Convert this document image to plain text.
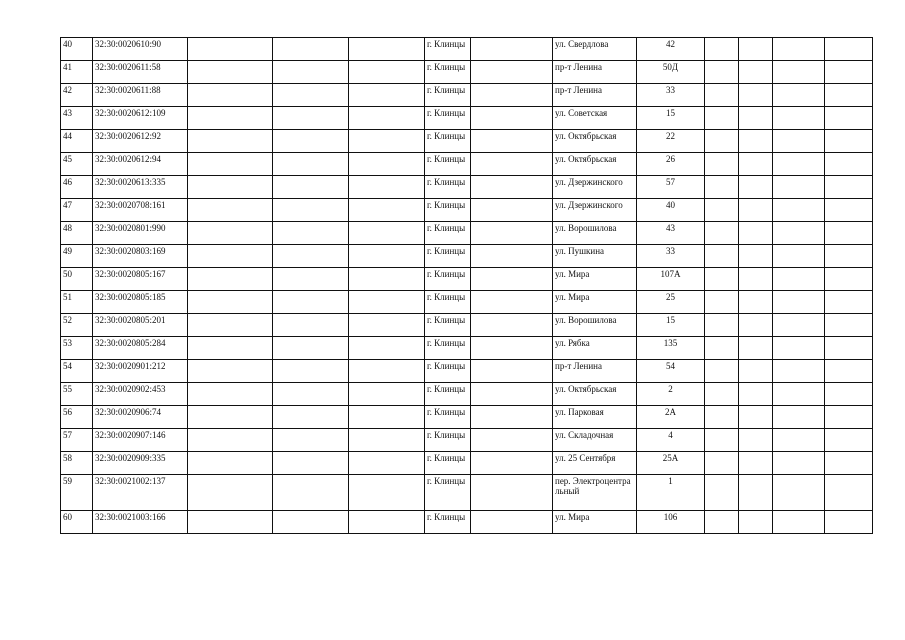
40	32:30:0020610:90				г. Клинцы		ул. Свердлова	42				
41	32:30:0020611:58				г. Клинцы		пр-т Ленина	50Д				
42	32:30:0020611:88				г. Клинцы		пр-т Ленина	33				
43	32:30:0020612:109				г. Клинцы		ул. Советская	15				
44	32:30:0020612:92				г. Клинцы		ул. Октябрьская	22				
45	32:30:0020612:94				г. Клинцы		ул. Октябрьская	26				
46	32:30:0020613:335				г. Клинцы		ул. Дзержинского	57				
47	32:30:0020708:161				г. Клинцы		ул. Дзержинского	40				
48	32:30:0020801:990				г. Клинцы		ул. Ворошилова	43				
49	32:30:0020803:169				г. Клинцы		ул. Пушкина	33				
50	32:30:0020805:167				г. Клинцы		ул. Мира	107А				
51	32:30:0020805:185				г. Клинцы		ул. Мира	25				
52	32:30:0020805:201				г. Клинцы		ул. Ворошилова	15				
53	32:30:0020805:284				г. Клинцы		ул. Рябка	135				
54	32:30:0020901:212				г. Клинцы		пр-т Ленина	54				
55	32:30:0020902:453				г. Клинцы		ул. Октябрьская	2				
56	32:30:0020906:74				г. Клинцы		ул. Парковая	2А				
57	32:30:0020907:146				г. Клинцы		ул. Складочная	4				
58	32:30:0020909:335				г. Клинцы		ул. 25 Сентября	25А				
59	32:30:0021002:137				г. Клинцы		пер. Электроцентральный	1				
60	32:30:0021003:166				г. Клинцы		ул. Мира	106				
